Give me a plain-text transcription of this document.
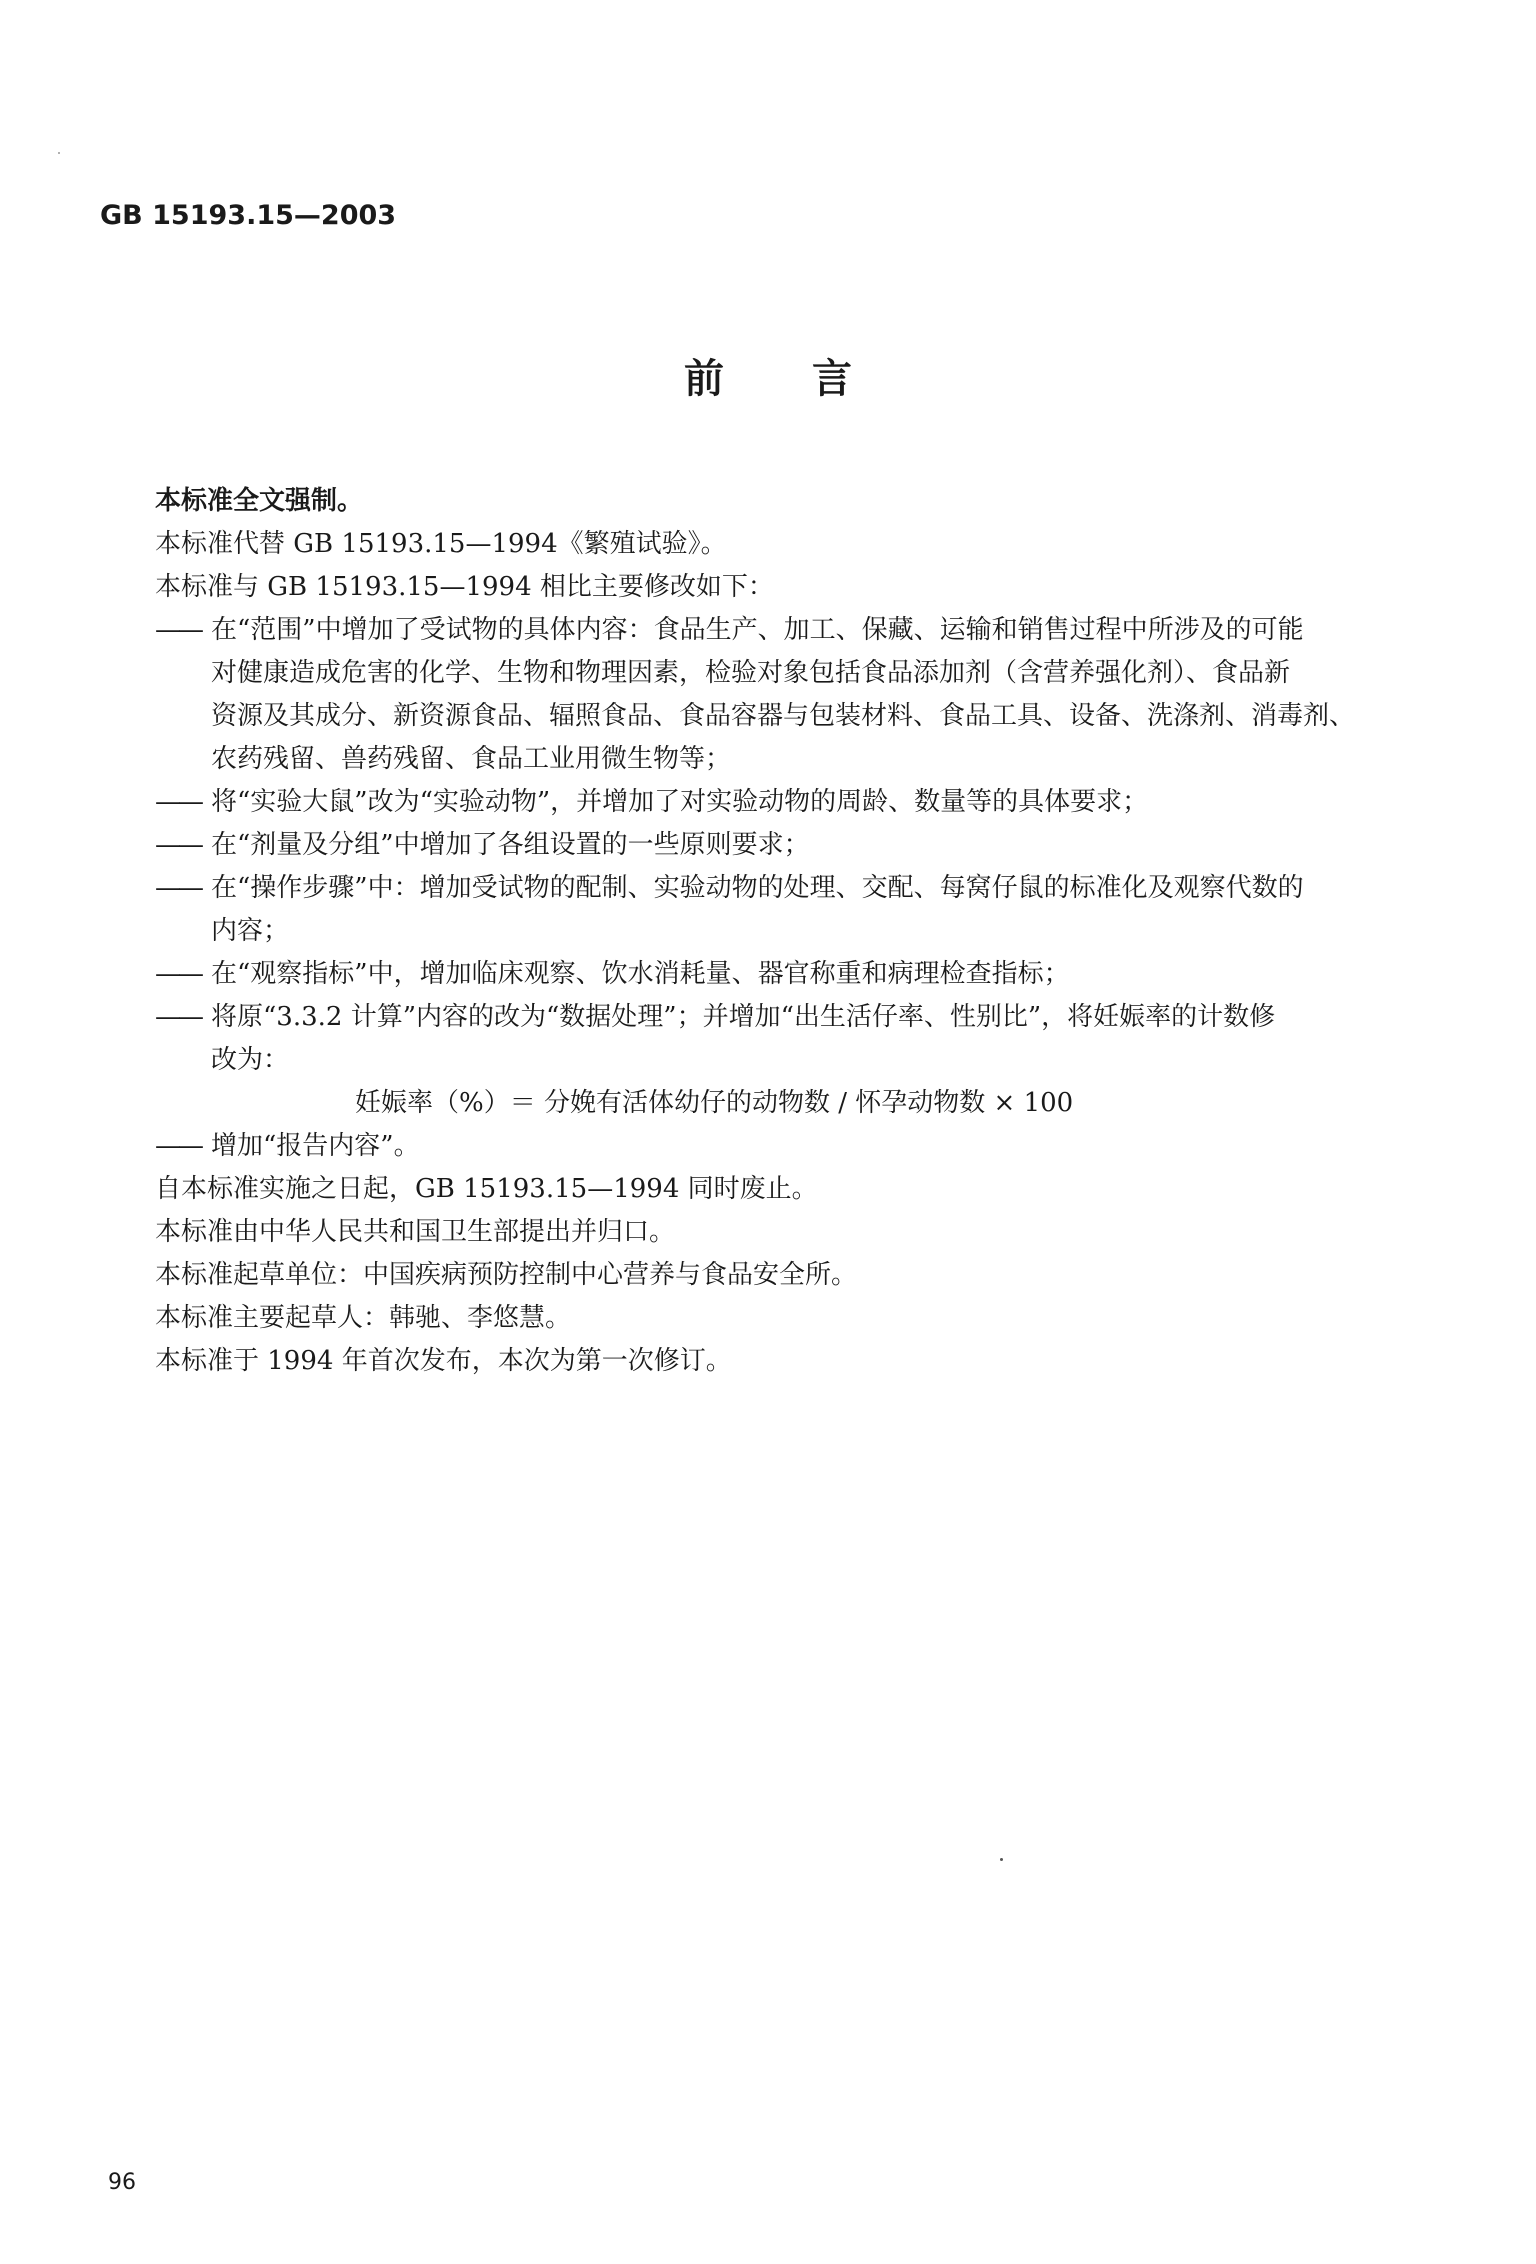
GB 15193.15—2003
前言

本标准全文强制。

本标准代替 GB 15193.15—1994《繁殖试验》。

本标准与 GB 15193.15—1994 相比主要修改如下：

—— 在“范围”中增加了受试物的具体内容：食品生产、加工、保藏、运输和销售过程中所涉及的可能
对健康造成危害的化学、生物和物理因素，检验对象包括食品添加剂（含营养强化剂）、食品新
资源及其成分、新资源食品、辐照食品、食品容器与包装材料、食品工具、设备、洗涤剂、消毒剂、
农药残留、兽药残留、食品工业用微生物等；

—— 将“实验大鼠”改为“实验动物”，并增加了对实验动物的周龄、数量等的具体要求；

—— 在“剂量及分组”中增加了各组设置的一些原则要求；

—— 在“操作步骤”中：增加受试物的配制、实验动物的处理、交配、每窝仔鼠的标准化及观察代数的
内容；

—— 在“观察指标”中，增加临床观察、饮水消耗量、器官称重和病理检查指标；

—— 将原“3.3.2 计算”内容的改为“数据处理”；并增加“出生活仔率、性别比”，将妊娠率的计数修
改为：

妊娠率（%）＝ 分娩有活体幼仔的动物数 / 怀孕动物数 × 100

—— 增加“报告内容”。

自本标准实施之日起，GB 15193.15—1994 同时废止。

本标准由中华人民共和国卫生部提出并归口。

本标准起草单位：中国疾病预防控制中心营养与食品安全所。

本标准主要起草人：韩驰、李悠慧。

本标准于 1994 年首次发布，本次为第一次修订。

96
